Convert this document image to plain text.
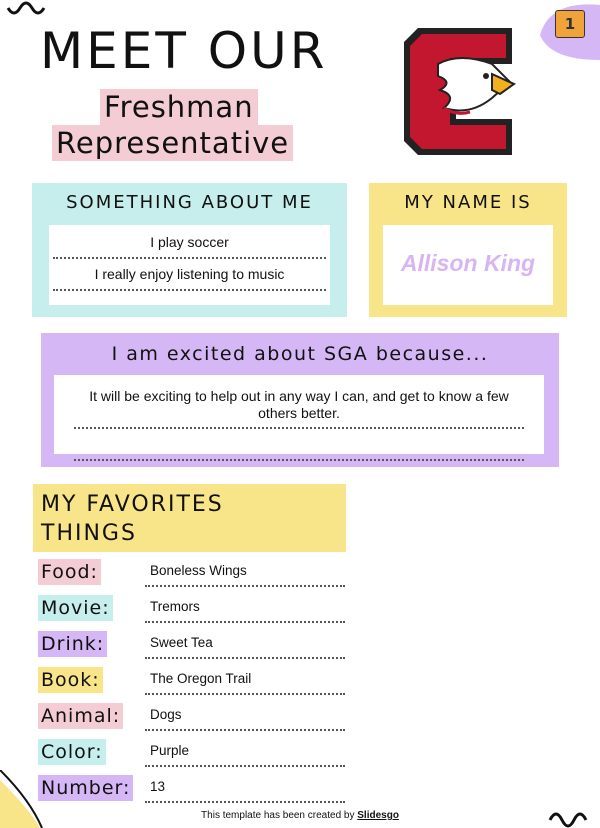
1
MEET OUR
Freshman
Representative
SOMETHING ABOUT ME
I play soccer
I really enjoy listening to music
MY NAME IS
Allison King
I am excited about SGA because...
It will be exciting to help out in any way I can, and get to know a few others better.
MY FAVORITES
THINGS
Food:	Boneless Wings
Movie:	Tremors
Drink:	Sweet Tea
Book:	The Oregon Trail
Animal: Dogs
Color:	Purple
Number: 13
This template has been created by Slidesgo
